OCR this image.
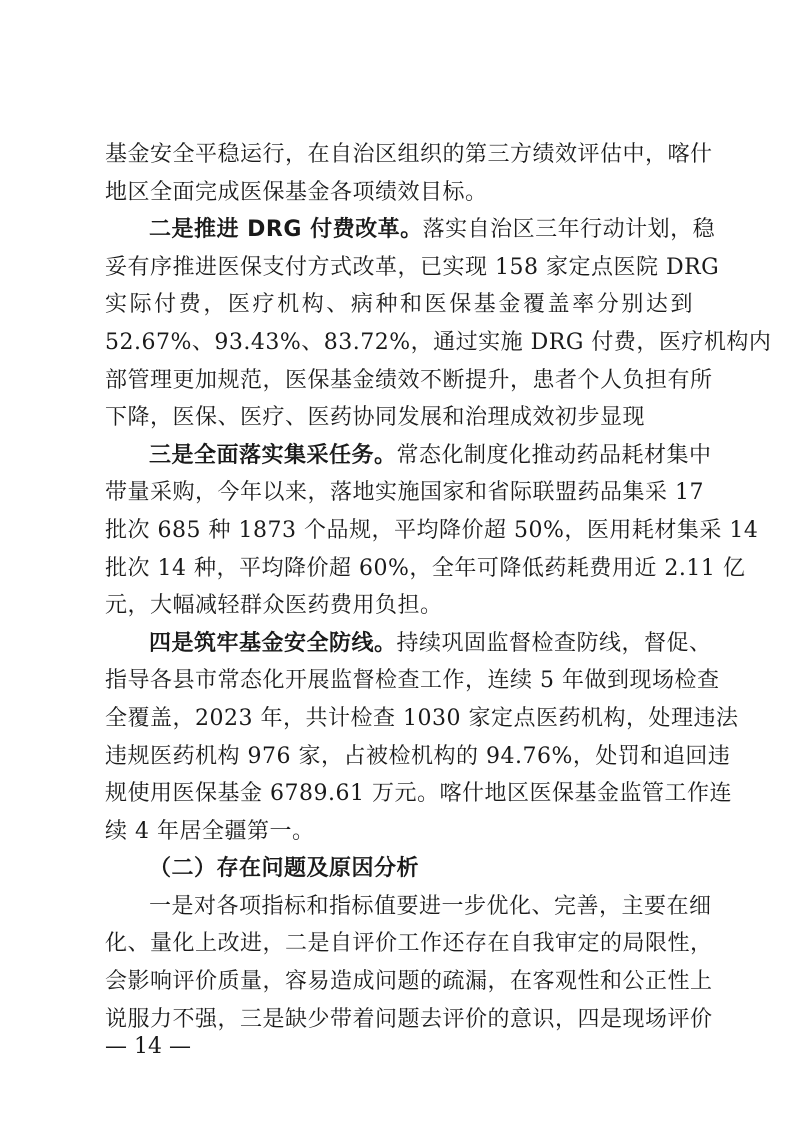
基金安全平稳运行，在自治区组织的第三方绩效评估中，喀什
地区全面完成医保基金各项绩效目标。
二是推进 DRG 付费改革。落实自治区三年行动计划，稳
妥有序推进医保支付方式改革，已实现 158 家定点医院 DRG
实际付费，医疗机构、病种和医保基金覆盖率分别达到
52.67%、93.43%、83.72%，通过实施 DRG 付费，医疗机构内
部管理更加规范，医保基金绩效不断提升，患者个人负担有所
下降，医保、医疗、医药协同发展和治理成效初步显现
三是全面落实集采任务。常态化制度化推动药品耗材集中
带量采购，今年以来，落地实施国家和省际联盟药品集采 17
批次 685 种 1873 个品规，平均降价超 50%，医用耗材集采 14
批次 14 种，平均降价超 60%，全年可降低药耗费用近 2.11 亿
元，大幅减轻群众医药费用负担。
四是筑牢基金安全防线。持续巩固监督检查防线，督促、
指导各县市常态化开展监督检查工作，连续 5 年做到现场检查
全覆盖，2023 年，共计检查 1030 家定点医药机构，处理违法
违规医药机构 976 家，占被检机构的 94.76%，处罚和追回违
规使用医保基金 6789.61 万元。喀什地区医保基金监管工作连
续 4 年居全疆第一。
（二）存在问题及原因分析
一是对各项指标和指标值要进一步优化、完善，主要在细
化、量化上改进，二是自评价工作还存在自我审定的局限性，
会影响评价质量，容易造成问题的疏漏，在客观性和公正性上
说服力不强，三是缺少带着问题去评价的意识，四是现场评价
— 14 —
